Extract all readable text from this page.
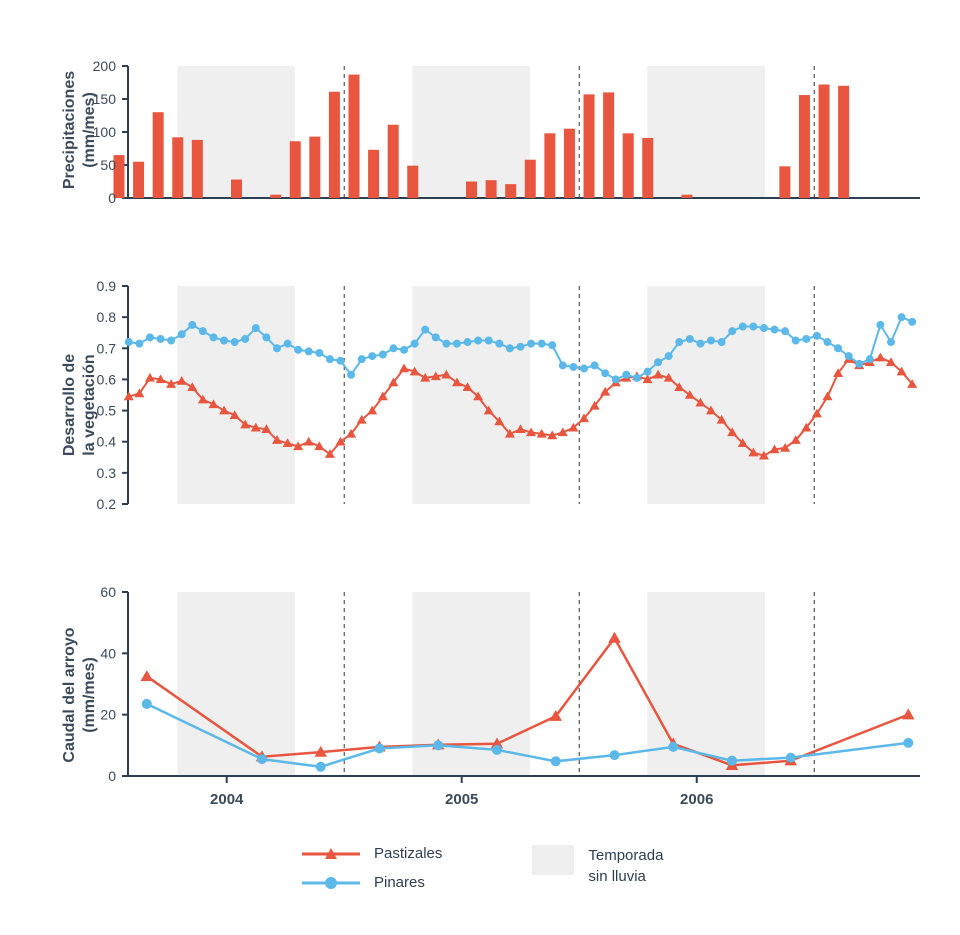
0
50
100
150
200
0.2
0.3
0.4
0.5
0.6
0.7
0.8
0.9
0
20
40
60
2004	2005	2006
Precipitaciones (mm/mes)
Desarrollo de la vegetación
Caudal del arroyo (mm/mes)
Pastizales
Pinares
Temporada
sin lluvia
